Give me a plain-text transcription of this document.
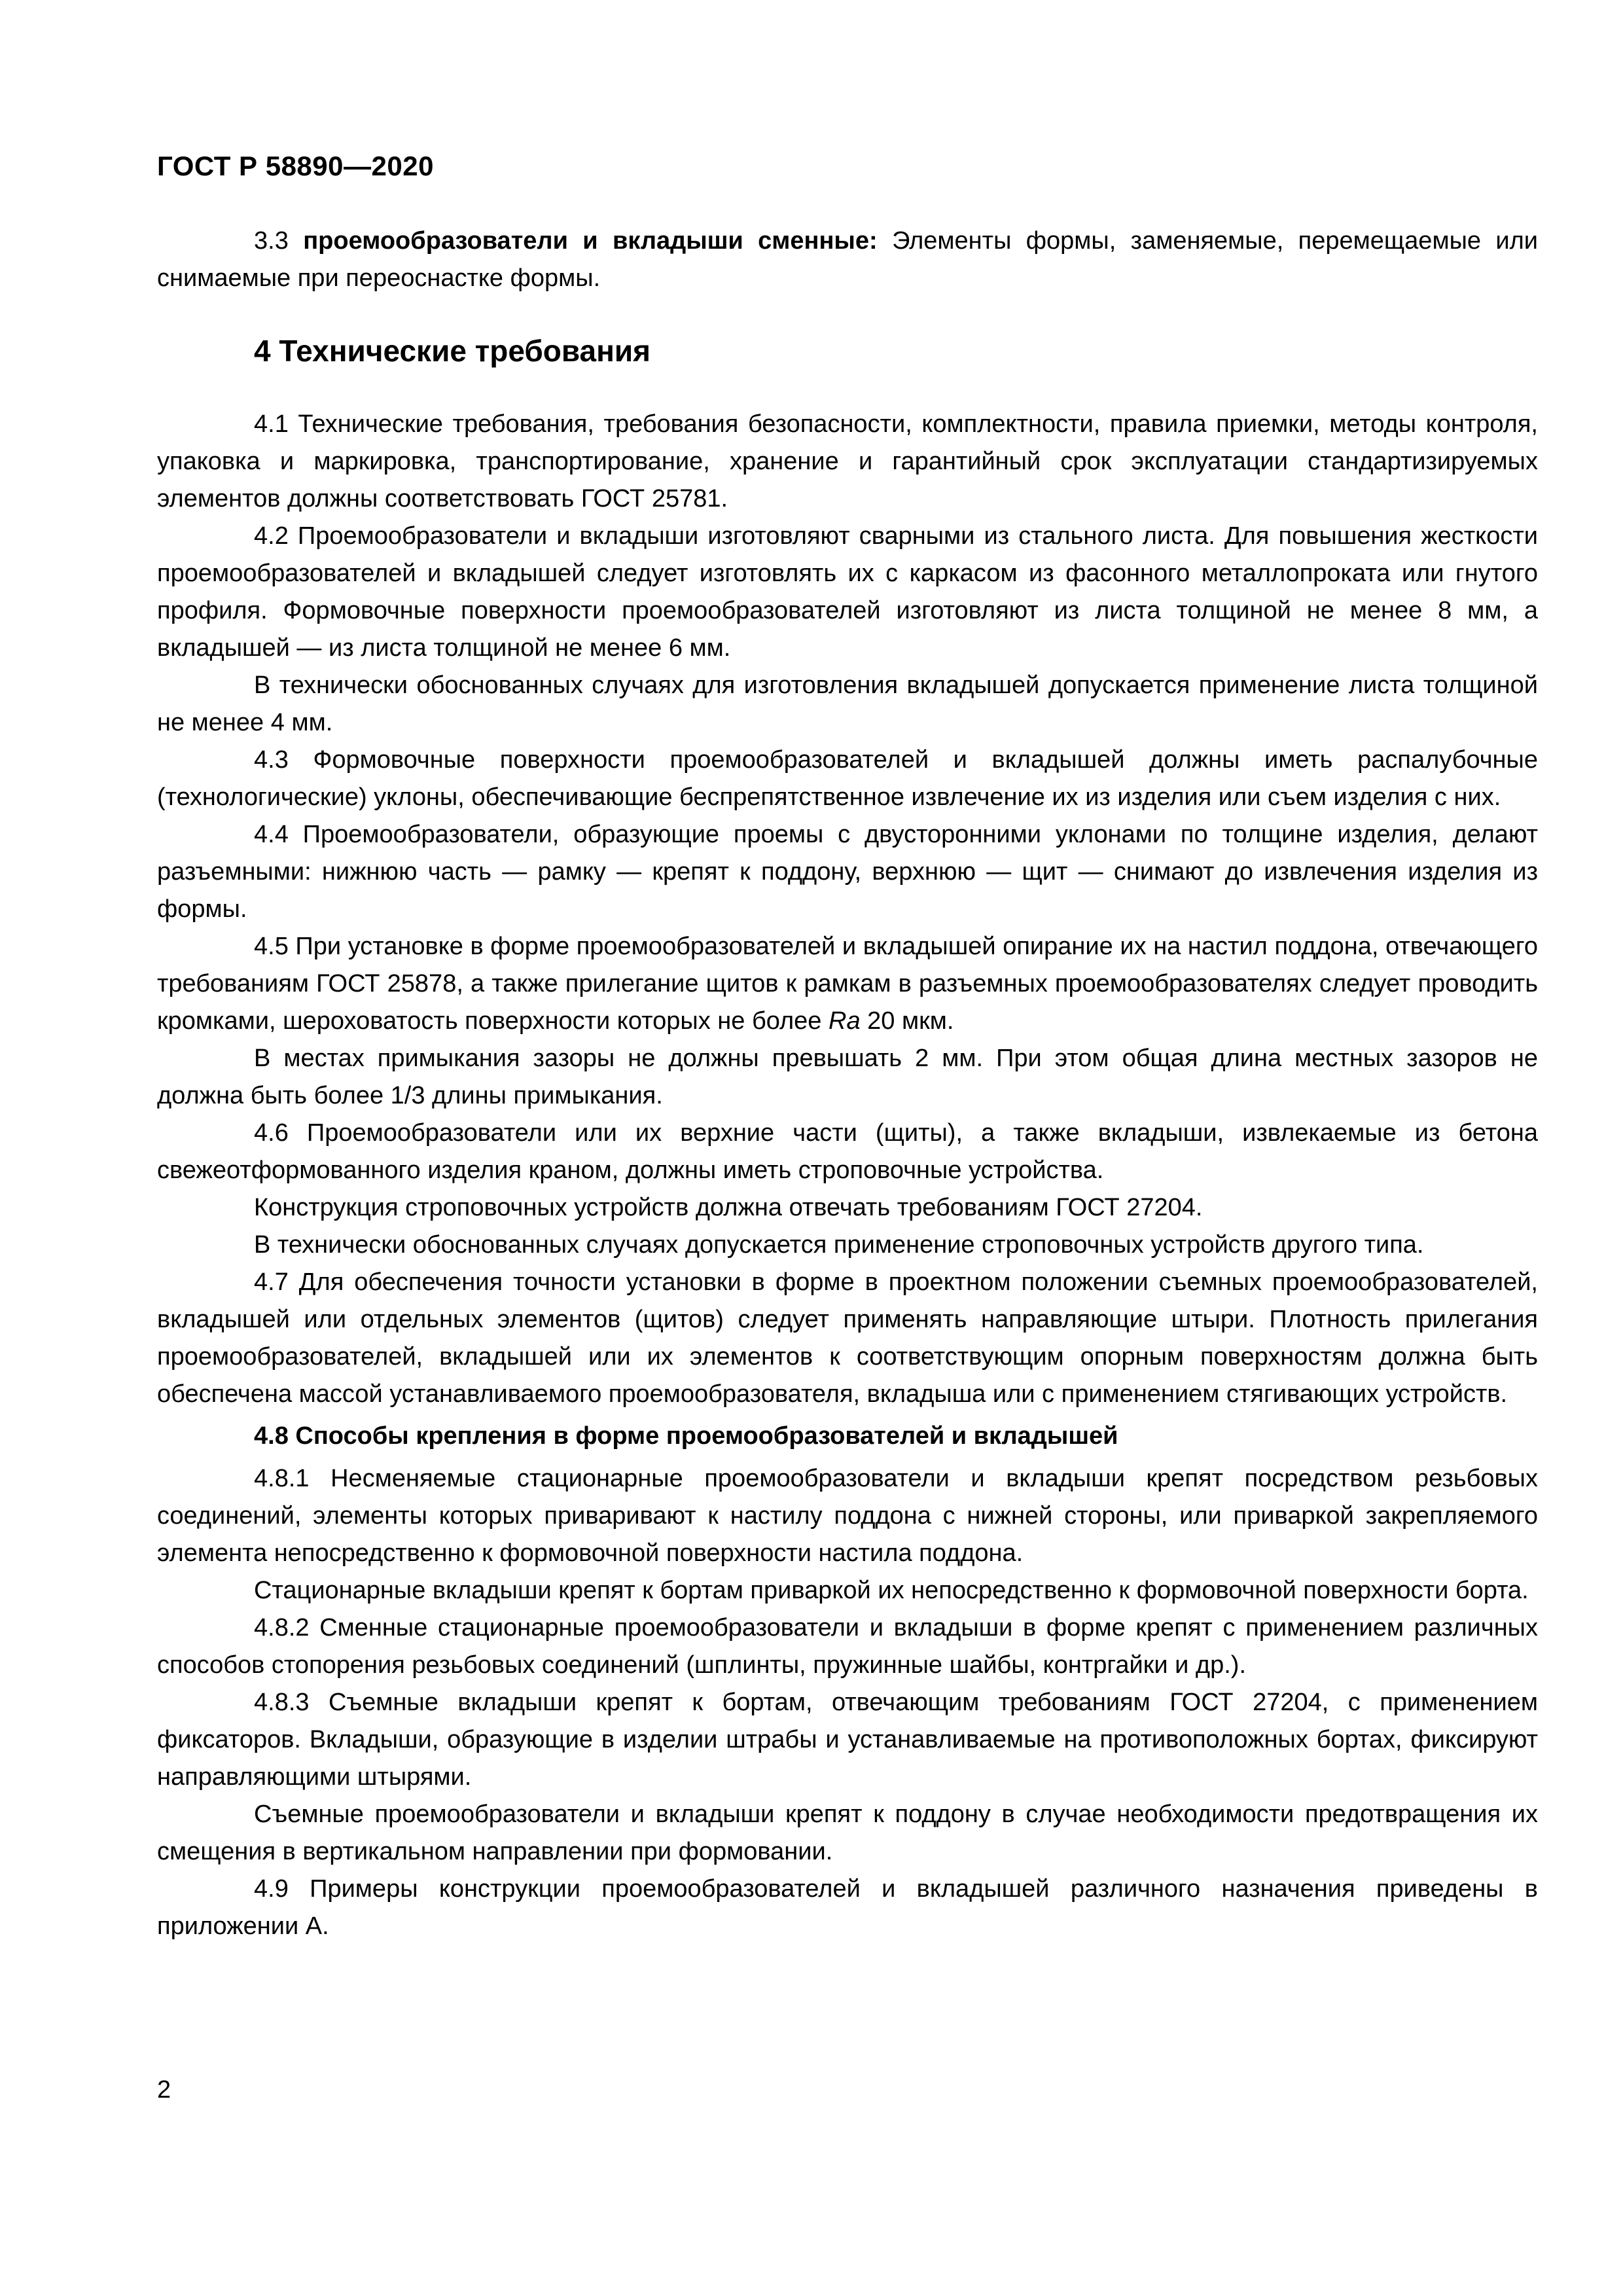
ГОСТ Р 58890—2020

3.3 проемообразователи и вкладыши сменные: Элементы формы, заменяемые, перемещаемые или снимаемые при переоснастке формы.

4 Технические требования

4.1 Технические требования, требования безопасности, комплектности, правила приемки, методы контроля, упаковка и маркировка, транспортирование, хранение и гарантийный срок эксплуатации стандартизируемых элементов должны соответствовать ГОСТ 25781.

4.2 Проемообразователи и вкладыши изготовляют сварными из стального листа. Для повышения жесткости проемообразователей и вкладышей следует изготовлять их с каркасом из фасонного металлопроката или гнутого профиля. Формовочные поверхности проемообразователей изготовляют из листа толщиной не менее 8 мм, а вкладышей — из листа толщиной не менее 6 мм.

В технически обоснованных случаях для изготовления вкладышей допускается применение листа толщиной не менее 4 мм.

4.3 Формовочные поверхности проемообразователей и вкладышей должны иметь распалубочные (технологические) уклоны, обеспечивающие беспрепятственное извлечение их из изделия или съем изделия с них.

4.4 Проемообразователи, образующие проемы с двусторонними уклонами по толщине изделия, делают разъемными: нижнюю часть — рамку — крепят к поддону, верхнюю — щит — снимают до извлечения изделия из формы.

4.5 При установке в форме проемообразователей и вкладышей опирание их на настил поддона, отвечающего требованиям ГОСТ 25878, а также прилегание щитов к рамкам в разъемных проемообразователях следует проводить кромками, шероховатость поверхности которых не более Ra 20 мкм.

В местах примыкания зазоры не должны превышать 2 мм. При этом общая длина местных зазоров не должна быть более 1/3 длины примыкания.

4.6 Проемообразователи или их верхние части (щиты), а также вкладыши, извлекаемые из бетона свежеотформованного изделия краном, должны иметь строповочные устройства.

Конструкция строповочных устройств должна отвечать требованиям ГОСТ 27204.

В технически обоснованных случаях допускается применение строповочных устройств другого типа.

4.7 Для обеспечения точности установки в форме в проектном положении съемных проемообразователей, вкладышей или отдельных элементов (щитов) следует применять направляющие штыри. Плотность прилегания проемообразователей, вкладышей или их элементов к соответствующим опорным поверхностям должна быть обеспечена массой устанавливаемого проемообразователя, вкладыша или с применением стягивающих устройств.

4.8 Способы крепления в форме проемообразователей и вкладышей

4.8.1 Несменяемые стационарные проемообразователи и вкладыши крепят посредством резьбовых соединений, элементы которых приваривают к настилу поддона с нижней стороны, или приваркой закрепляемого элемента непосредственно к формовочной поверхности настила поддона.

Стационарные вкладыши крепят к бортам приваркой их непосредственно к формовочной поверхности борта.

4.8.2 Сменные стационарные проемообразователи и вкладыши в форме крепят с применением различных способов стопорения резьбовых соединений (шплинты, пружинные шайбы, контргайки и др.).

4.8.3 Съемные вкладыши крепят к бортам, отвечающим требованиям ГОСТ 27204, с применением фиксаторов. Вкладыши, образующие в изделии штрабы и устанавливаемые на противоположных бортах, фиксируют направляющими штырями.

Съемные проемообразователи и вкладыши крепят к поддону в случае необходимости предотвращения их смещения в вертикальном направлении при формовании.

4.9 Примеры конструкции проемообразователей и вкладышей различного назначения приведены в приложении А.

2
